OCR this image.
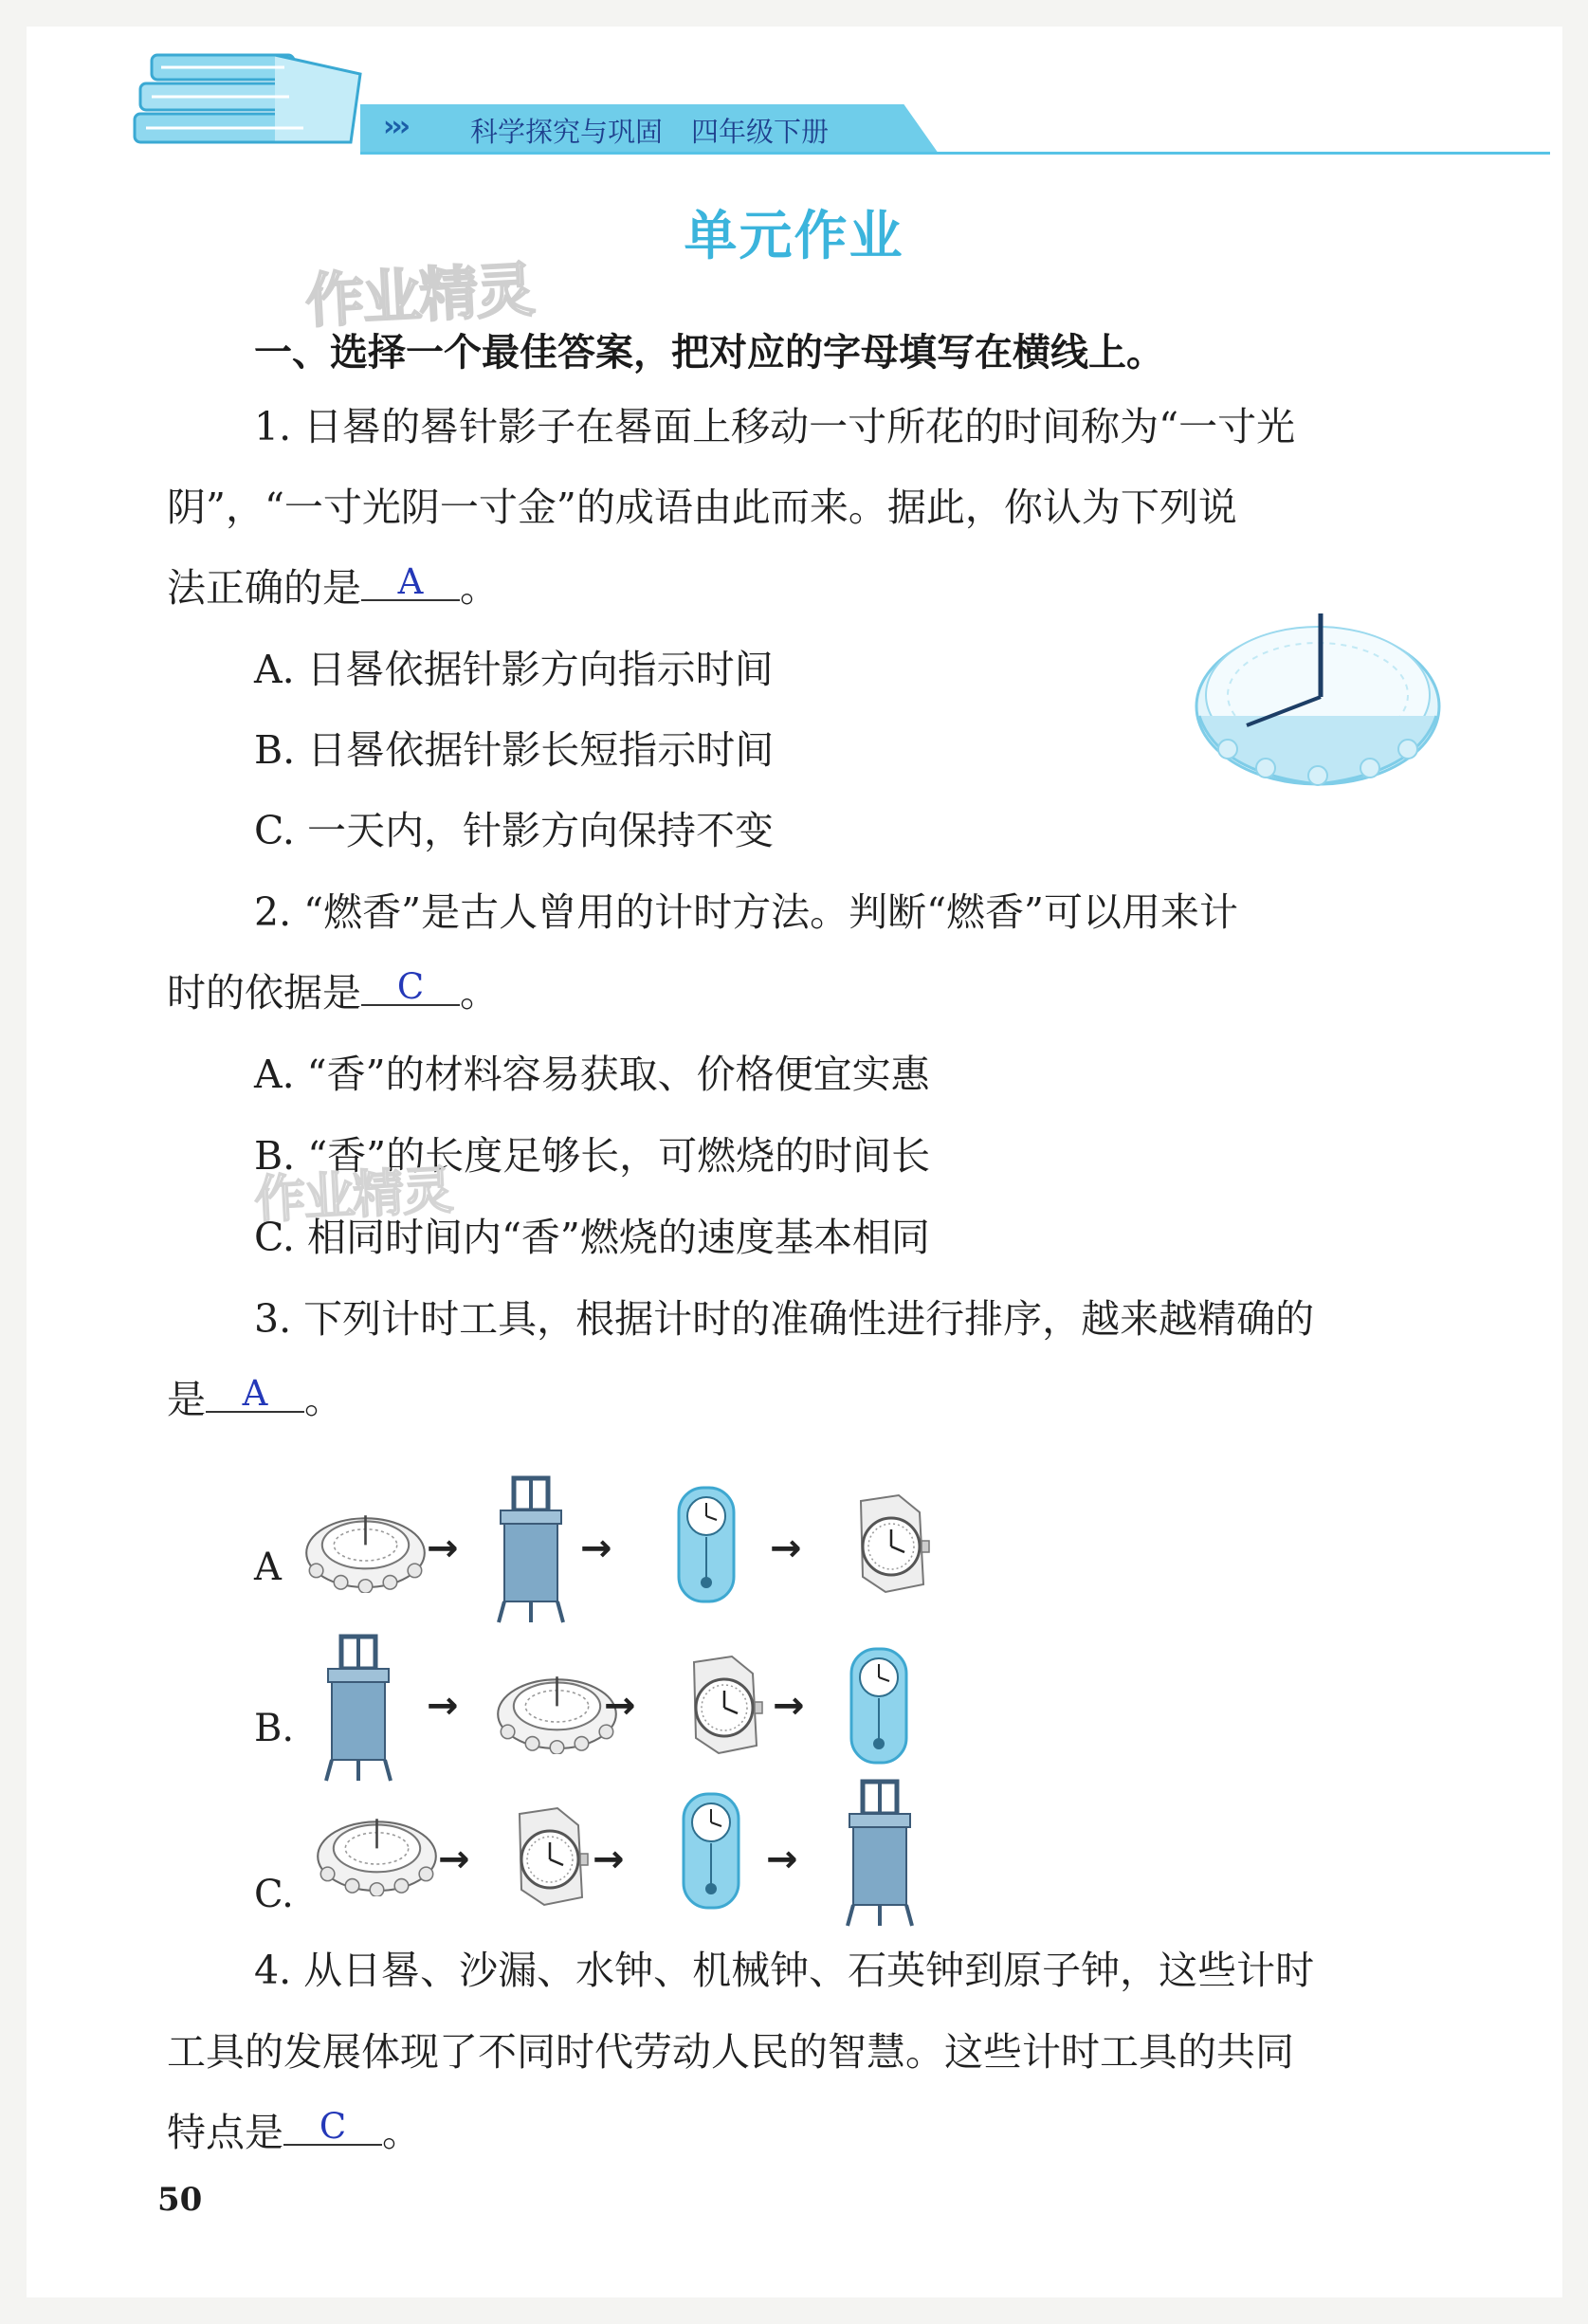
››› 科学探究与巩固 四年级下册
单元作业
作业精灵
一、选择一个最佳答案，把对应的字母填写在横线上。
1. 日晷的晷针影子在晷面上移动一寸所花的时间称为“一寸光
阴”，“一寸光阴一寸金”的成语由此而来。据此，你认为下列说
法正确的是 A 。
A. 日晷依据针影方向指示时间
B. 日晷依据针影长短指示时间
C. 一天内，针影方向保持不变
2. “燃香”是古人曾用的计时方法。判断“燃香”可以用来计
时的依据是 C 。
A. “香”的材料容易获取、价格便宜实惠
B. “香”的长度足够长，可燃烧的时间长
作业精灵
C. 相同时间内“香”燃烧的速度基本相同
3. 下列计时工具，根据计时的准确性进行排序，越来越精确的
是 A 。
A	→	→	→
B.
→	→	→
C.
→	→	→
4. 从日晷、沙漏、水钟、机械钟、石英钟到原子钟，这些计时
工具的发展体现了不同时代劳动人民的智慧。这些计时工具的共同
特点是 C 。
50
